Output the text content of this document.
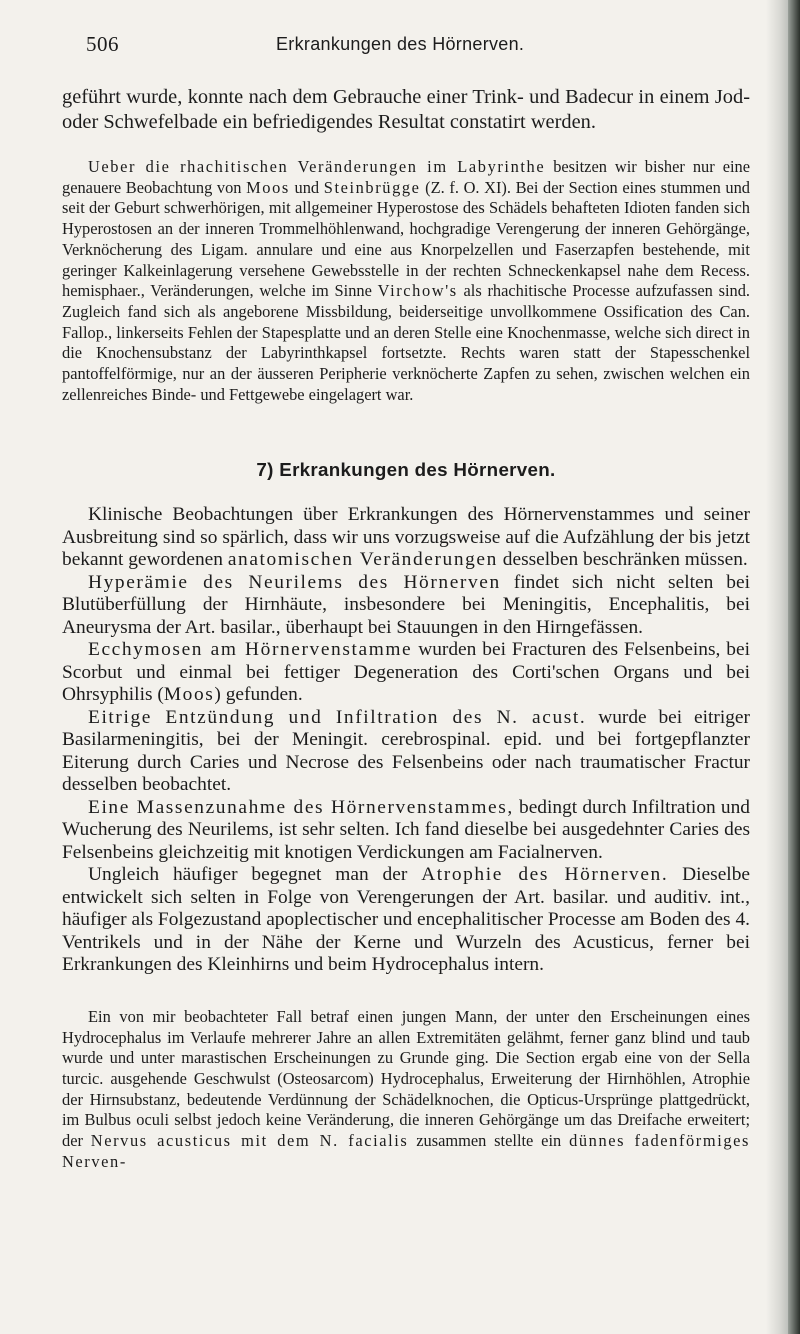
506	Erkrankungen des Hörnerven.

geführt wurde, konnte nach dem Gebrauche einer Trink- und Badecur in einem Jod- oder Schwefelbade ein befriedigendes Resultat constatirt werden.

Ueber die rhachitischen Veränderungen im Labyrinthe besitzen wir bisher nur eine genauere Beobachtung von Moos und Steinbrügge (Z. f. O. XI). Bei der Section eines stummen und seit der Geburt schwerhörigen, mit allgemeiner Hyperostose des Schädels behafteten Idioten fanden sich Hyperostosen an der inneren Trommelhöhlenwand, hochgradige Verengerung der inneren Gehörgänge, Verknöcherung des Ligam. annulare und eine aus Knorpelzellen und Faserzapfen bestehende, mit geringer Kalkeinlagerung versehene Gewebsstelle in der rechten Schneckenkapsel nahe dem Recess. hemisphaer., Veränderungen, welche im Sinne Virchow's als rhachitische Processe aufzufassen sind. Zugleich fand sich als angeborene Missbildung, beiderseitige unvollkommene Ossification des Can. Fallop., linkerseits Fehlen der Stapesplatte und an deren Stelle eine Knochenmasse, welche sich direct in die Knochensubstanz der Labyrinthkapsel fortsetzte. Rechts waren statt der Stapesschenkel pantoffelförmige, nur an der äusseren Peripherie verknöcherte Zapfen zu sehen, zwischen welchen ein zellenreiches Binde- und Fettgewebe eingelagert war.

7) Erkrankungen des Hörnerven.

Klinische Beobachtungen über Erkrankungen des Hörnervenstammes und seiner Ausbreitung sind so spärlich, dass wir uns vorzugsweise auf die Aufzählung der bis jetzt bekannt gewordenen anatomischen Veränderungen desselben beschränken müssen.

Hyperämie des Neurilems des Hörnerven findet sich nicht selten bei Blutüberfüllung der Hirnhäute, insbesondere bei Meningitis, Encephalitis, bei Aneurysma der Art. basilar., überhaupt bei Stauungen in den Hirngefässen.

Ecchymosen am Hörnervenstamme wurden bei Fracturen des Felsenbeins, bei Scorbut und einmal bei fettiger Degeneration des Corti'schen Organs und bei Ohrsyphilis (Moos) gefunden.

Eitrige Entzündung und Infiltration des N. acust. wurde bei eitriger Basilarmeningitis, bei der Meningit. cerebrospinal. epid. und bei fortgepflanzter Eiterung durch Caries und Necrose des Felsenbeins oder nach traumatischer Fractur desselben beobachtet.

Eine Massenzunahme des Hörnervenstammes, bedingt durch Infiltration und Wucherung des Neurilems, ist sehr selten. Ich fand dieselbe bei ausgedehnter Caries des Felsenbeins gleichzeitig mit knotigen Verdickungen am Facialnerven.

Ungleich häufiger begegnet man der Atrophie des Hörnerven. Dieselbe entwickelt sich selten in Folge von Verengerungen der Art. basilar. und auditiv. int., häufiger als Folgezustand apoplectischer und encephalitischer Processe am Boden des 4. Ventrikels und in der Nähe der Kerne und Wurzeln des Acusticus, ferner bei Erkrankungen des Kleinhirns und beim Hydrocephalus intern.

Ein von mir beobachteter Fall betraf einen jungen Mann, der unter den Erscheinungen eines Hydrocephalus im Verlaufe mehrerer Jahre an allen Extremitäten gelähmt, ferner ganz blind und taub wurde und unter marastischen Erscheinungen zu Grunde ging. Die Section ergab eine von der Sella turcic. ausgehende Geschwulst (Osteosarcom) Hydrocephalus, Erweiterung der Hirnhöhlen, Atrophie der Hirnsubstanz, bedeutende Verdünnung der Schädelknochen, die Opticus-Ursprünge plattgedrückt, im Bulbus oculi selbst jedoch keine Veränderung, die inneren Gehörgänge um das Dreifache erweitert; der Nervus acusticus mit dem N. facialis zusammen stellte ein dünnes fadenförmiges Nerven-
